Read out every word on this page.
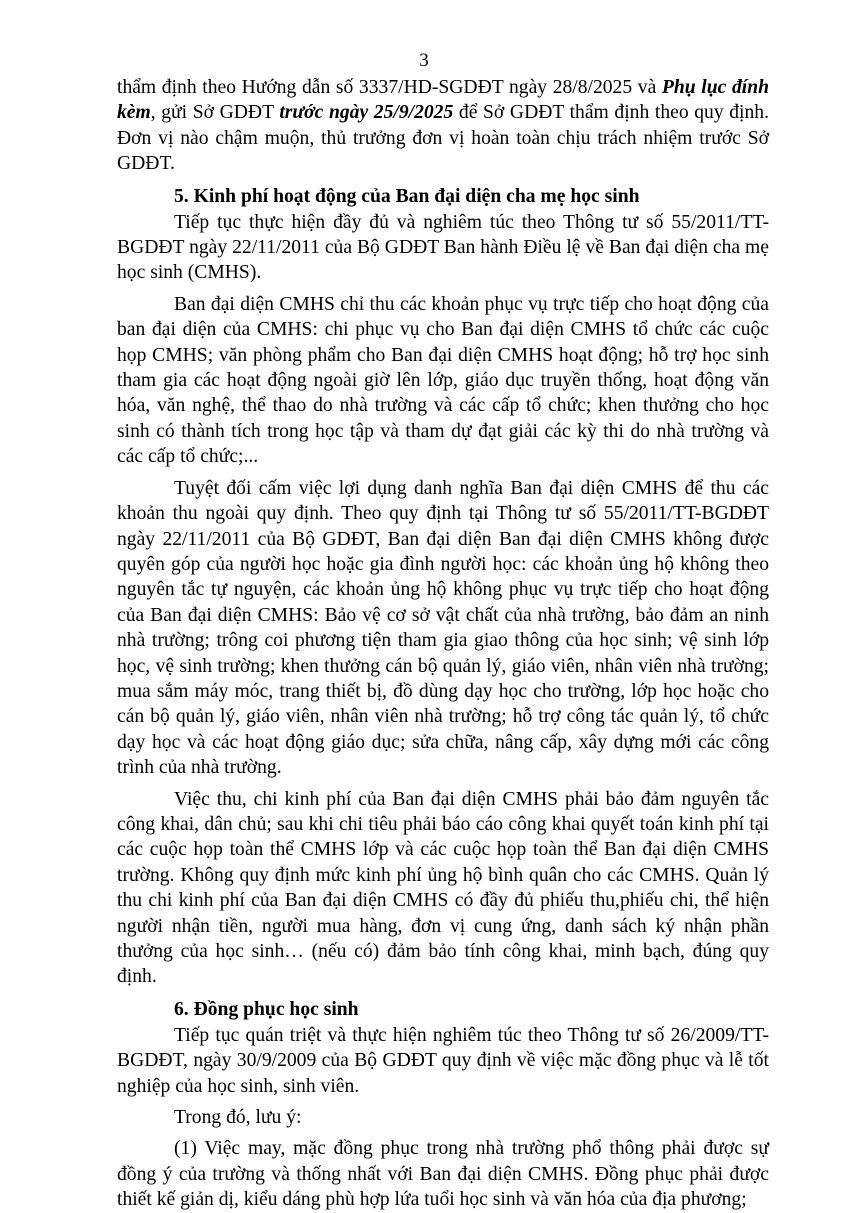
3

thẩm định theo Hướng dẫn số 3337/HD-SGDĐT ngày 28/8/2025 và Phụ lục đính kèm, gửi Sở GDĐT trước ngày 25/9/2025 để Sở GDĐT thẩm định theo quy định. Đơn vị nào chậm muộn, thủ trưởng đơn vị hoàn toàn chịu trách nhiệm trước Sở GDĐT.

5. Kinh phí hoạt động của Ban đại diện cha mẹ học sinh

Tiếp tục thực hiện đầy đủ và nghiêm túc theo Thông tư số 55/2011/TT-BGDĐT ngày 22/11/2011 của Bộ GDĐT Ban hành Điều lệ về Ban đại diện cha mẹ học sinh (CMHS).

Ban đại diện CMHS chỉ thu các khoản phục vụ trực tiếp cho hoạt động của ban đại diện của CMHS: chi phục vụ cho Ban đại diện CMHS tổ chức các cuộc họp CMHS; văn phòng phẩm cho Ban đại diện CMHS hoạt động; hỗ trợ học sinh tham gia các hoạt động ngoài giờ lên lớp, giáo dục truyền thống, hoạt động văn hóa, văn nghệ, thể thao do nhà trường và các cấp tổ chức; khen thưởng cho học sinh có thành tích trong học tập và tham dự đạt giải các kỳ thi do nhà trường và các cấp tổ chức;...

Tuyệt đối cấm việc lợi dụng danh nghĩa Ban đại diện CMHS để thu các khoản thu ngoài quy định. Theo quy định tại Thông tư số 55/2011/TT-BGDĐT ngày 22/11/2011 của Bộ GDĐT, Ban đại diện Ban đại diện CMHS không được quyên góp của người học hoặc gia đình người học: các khoản ủng hộ không theo nguyên tắc tự nguyện, các khoản ủng hộ không phục vụ trực tiếp cho hoạt động của Ban đại diện CMHS: Bảo vệ cơ sở vật chất của nhà trường, bảo đảm an ninh nhà trường; trông coi phương tiện tham gia giao thông của học sinh; vệ sinh lớp học, vệ sinh trường; khen thưởng cán bộ quản lý, giáo viên, nhân viên nhà trường; mua sắm máy móc, trang thiết bị, đồ dùng dạy học cho trường, lớp học hoặc cho cán bộ quản lý, giáo viên, nhân viên nhà trường; hỗ trợ công tác quản lý, tổ chức dạy học và các hoạt động giáo dục; sửa chữa, nâng cấp, xây dựng mới các công trình của nhà trường.

Việc thu, chi kinh phí của Ban đại diện CMHS phải bảo đảm nguyên tắc công khai, dân chủ; sau khi chi tiêu phải báo cáo công khai quyết toán kinh phí tại các cuộc họp toàn thể CMHS lớp và các cuộc họp toàn thể Ban đại diện CMHS trường. Không quy định mức kinh phí ủng hộ bình quân cho các CMHS. Quản lý thu chi kinh phí của Ban đại diện CMHS có đầy đủ phiếu thu,phiếu chi, thể hiện người nhận tiền, người mua hàng, đơn vị cung ứng, danh sách ký nhận phần thưởng của học sinh… (nếu có) đảm bảo tính công khai, minh bạch, đúng quy định.

6. Đồng phục học sinh

Tiếp tục quán triệt và thực hiện nghiêm túc theo Thông tư số 26/2009/TT-BGDĐT, ngày 30/9/2009 của Bộ GDĐT quy định về việc mặc đồng phục và lễ tốt nghiệp của học sinh, sinh viên.

Trong đó, lưu ý:

(1) Việc may, mặc đồng phục trong nhà trường phổ thông phải được sự đồng ý của trường và thống nhất với Ban đại diện CMHS. Đồng phục phải được thiết kế giản dị, kiểu dáng phù hợp lứa tuổi học sinh và văn hóa của địa phương;
